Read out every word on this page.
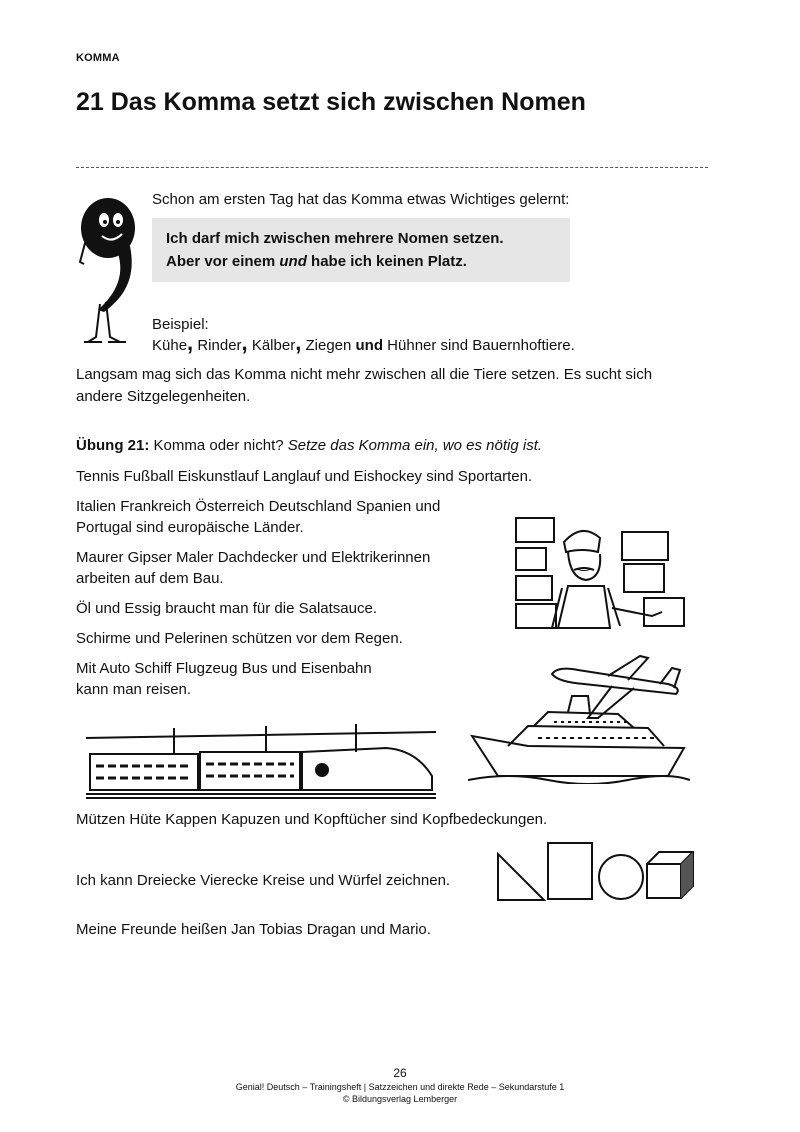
KOMMA
21 Das Komma setzt sich zwischen Nomen
Schon am ersten Tag hat das Komma etwas Wichtiges gelernt:

Ich darf mich zwischen mehrere Nomen setzen.

Aber vor einem und habe ich keinen Platz.

Beispiel:
Kühe, Rinder, Kälber, Ziegen und Hühner sind Bauernhoftiere.
Langsam mag sich das Komma nicht mehr zwischen all die Tiere setzen. Es sucht sich
andere Sitzgelegenheiten.
Übung 21: Komma oder nicht? Setze das Komma ein, wo es nötig ist.
Tennis Fußball Eiskunstlauf Langlauf und Eishockey sind Sportarten.
Italien Frankreich Österreich Deutschland Spanien und
Portugal sind europäische Länder.
Maurer Gipser Maler Dachdecker und Elektrikerinnen
arbeiten auf dem Bau.
Öl und Essig braucht man für die Salatsauce.
Schirme und Pelerinen schützen vor dem Regen.
Mit Auto Schiff Flugzeug Bus und Eisenbahn
kann man reisen.
Mützen Hüte Kappen Kapuzen und Kopftücher sind Kopfbedeckungen.
Ich kann Dreiecke Vierecke Kreise und Würfel zeichnen.
Meine Freunde heißen Jan Tobias Dragan und Mario.
26
Genial! Deutsch – Trainingsheft | Satzzeichen und direkte Rede – Sekundarstufe 1
© Bildungsverlag Lemberger
